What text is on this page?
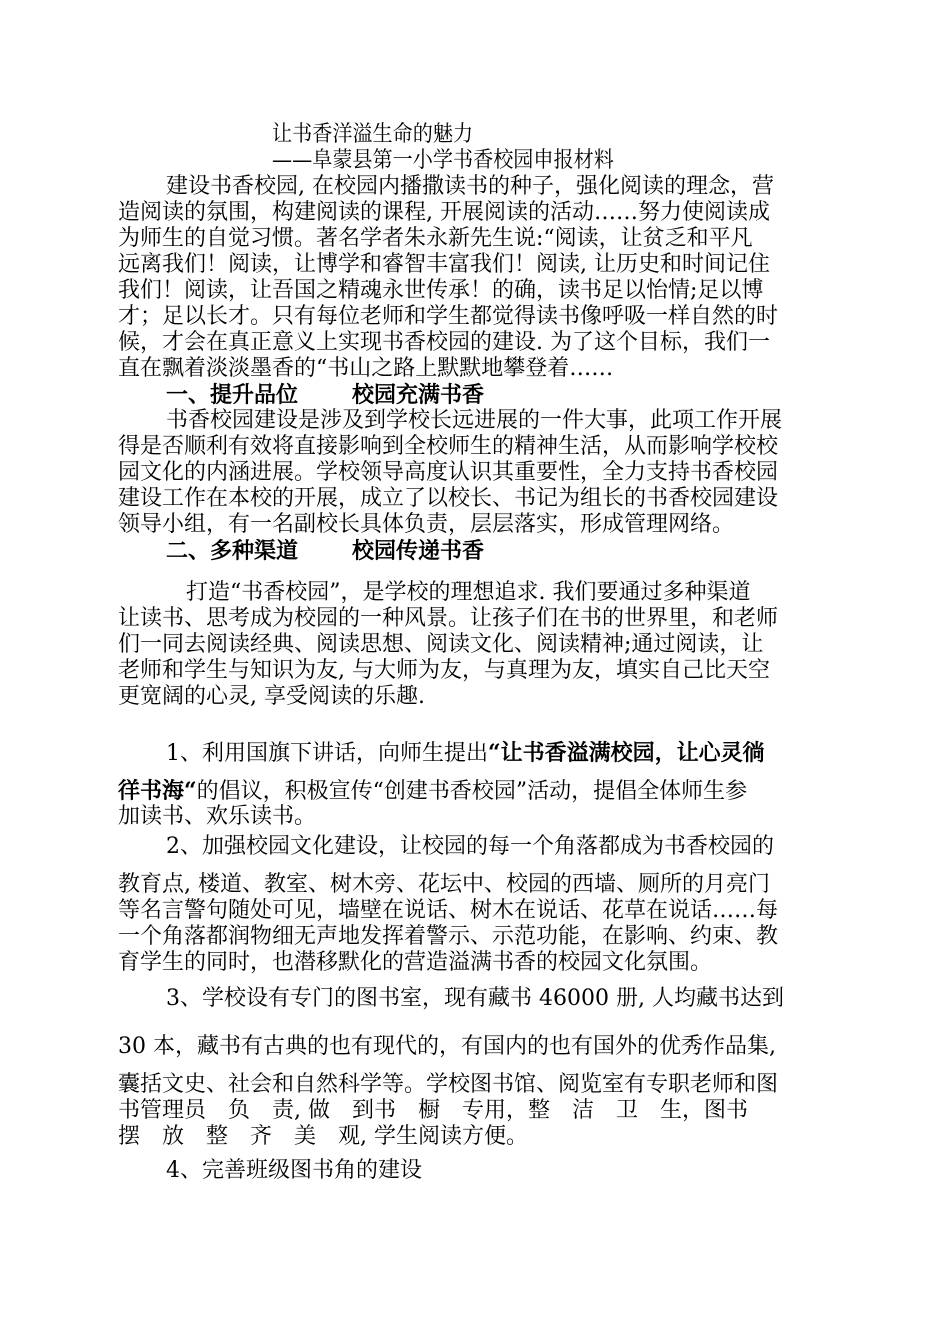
让书香洋溢生命的魅力
——阜蒙县第一小学书香校园申报材料
建设书香校园, 在校园内播撒读书的种子，强化阅读的理念，营
造阅读的氛围，构建阅读的课程, 开展阅读的活动……努力使阅读成
为师生的自觉习惯。著名学者朱永新先生说:“阅读，让贫乏和平凡
远离我们！阅读，让博学和睿智丰富我们！阅读, 让历史和时间记住
我们！阅读，让吾国之精魂永世传承！的确，读书足以怡情;足以博
才；足以长才。只有每位老师和学生都觉得读书像呼吸一样自然的时
候，才会在真正意义上实现书香校园的建设. 为了这个目标，我们一
直在飘着淡淡墨香的“书山之路上默默地攀登着……
一、提升品位 校园充满书香
书香校园建设是涉及到学校长远进展的一件大事，此项工作开展
得是否顺利有效将直接影响到全校师生的精神生活，从而影响学校校
园文化的内涵进展。学校领导高度认识其重要性，全力支持书香校园
建设工作在本校的开展，成立了以校长、书记为组长的书香校园建设
领导小组，有一名副校长具体负责，层层落实，形成管理网络。
二、多种渠道 校园传递书香
打造“书香校园”，是学校的理想追求. 我们要通过多种渠道
让读书、思考成为校园的一种风景。让孩子们在书的世界里，和老师
们一同去阅读经典、阅读思想、阅读文化、阅读精神;通过阅读，让
老师和学生与知识为友, 与大师为友，与真理为友，填实自己比天空
更宽阔的心灵, 享受阅读的乐趣.
1、利用国旗下讲话，向师生提出“让书香溢满校园，让心灵徜
徉书海“的倡议，积极宣传“创建书香校园”活动，提倡全体师生参
加读书、欢乐读书。
2、加强校园文化建设，让校园的每一个角落都成为书香校园的
教育点, 楼道、教室、树木旁、花坛中、校园的西墙、厕所的月亮门
等名言警句随处可见，墙壁在说话、树木在说话、花草在说话……每
一个角落都润物细无声地发挥着警示、示范功能，在影响、约束、教
育学生的同时，也潜移默化的营造溢满书香的校园文化氛围。
3、学校设有专门的图书室，现有藏书 46000 册, 人均藏书达到
30 本，藏书有古典的也有现代的，有国内的也有国外的优秀作品集,
囊括文史、社会和自然科学等。学校图书馆、阅览室有专职老师和图
书管理员　负　责, 做　到书　橱　专用，整　洁　卫　生，图书
摆　放　整　齐　美　观, 学生阅读方便。
4、完善班级图书角的建设
